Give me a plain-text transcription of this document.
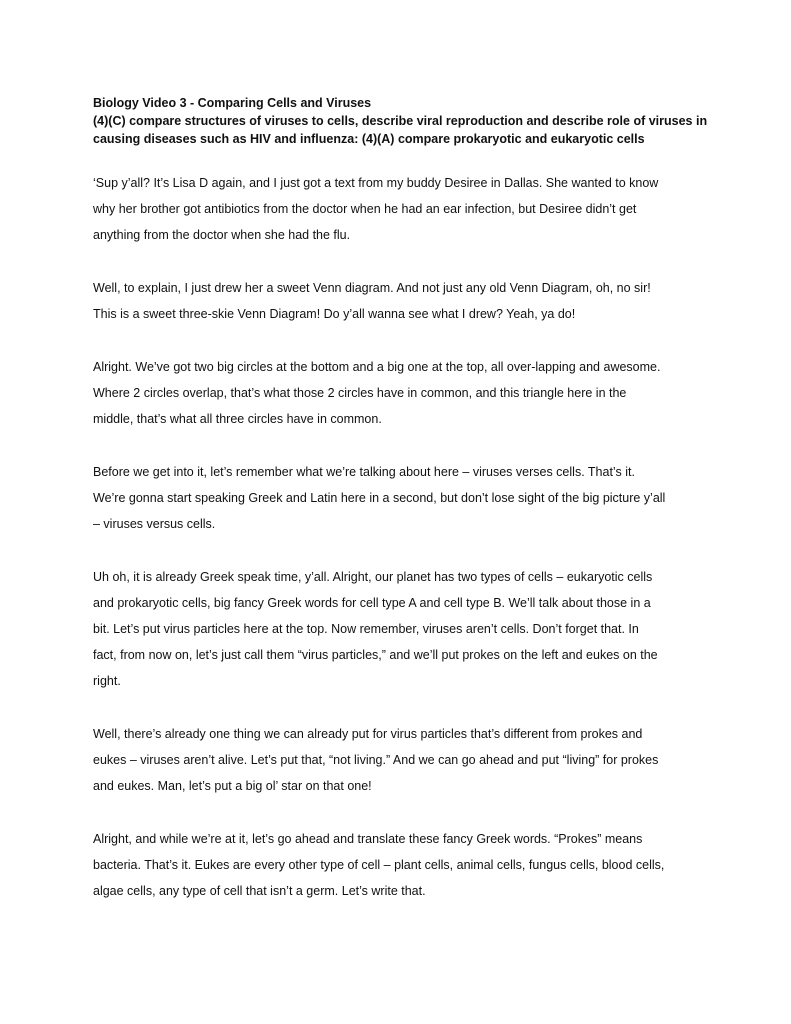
Biology Video 3 - Comparing Cells and Viruses

(4)(C) compare structures of viruses to cells, describe viral reproduction and describe role of viruses in

causing diseases such as HIV and influenza: (4)(A) compare prokaryotic and eukaryotic cells

‘Sup y’all? It’s Lisa D again, and I just got a text from my buddy Desiree in Dallas. She wanted to know
why her brother got antibiotics from the doctor when he had an ear infection, but Desiree didn’t get
anything from the doctor when she had the flu.

Well, to explain, I just drew her a sweet Venn diagram. And not just any old Venn Diagram, oh, no sir!
This is a sweet three-skie Venn Diagram! Do y’all wanna see what I drew? Yeah, ya do!

Alright. We’ve got two big circles at the bottom and a big one at the top, all over-lapping and awesome.
Where 2 circles overlap, that’s what those 2 circles have in common, and this triangle here in the
middle, that’s what all three circles have in common.

Before we get into it, let’s remember what we’re talking about here – viruses verses cells. That’s it.
We’re gonna start speaking Greek and Latin here in a second, but don’t lose sight of the big picture y’all
– viruses versus cells.

Uh oh, it is already Greek speak time, y’all. Alright, our planet has two types of cells – eukaryotic cells
and prokaryotic cells, big fancy Greek words for cell type A and cell type B. We’ll talk about those in a
bit. Let’s put virus particles here at the top. Now remember, viruses aren’t cells. Don’t forget that. In
fact, from now on, let’s just call them “virus particles,” and we’ll put prokes on the left and eukes on the
right.

Well, there’s already one thing we can already put for virus particles that’s different from prokes and
eukes – viruses aren’t alive. Let’s put that, “not living.” And we can go ahead and put “living” for prokes
and eukes. Man, let’s put a big ol’ star on that one!

Alright, and while we’re at it, let’s go ahead and translate these fancy Greek words. “Prokes” means
bacteria. That’s it. Eukes are every other type of cell – plant cells, animal cells, fungus cells, blood cells,
algae cells, any type of cell that isn’t a germ. Let’s write that.
